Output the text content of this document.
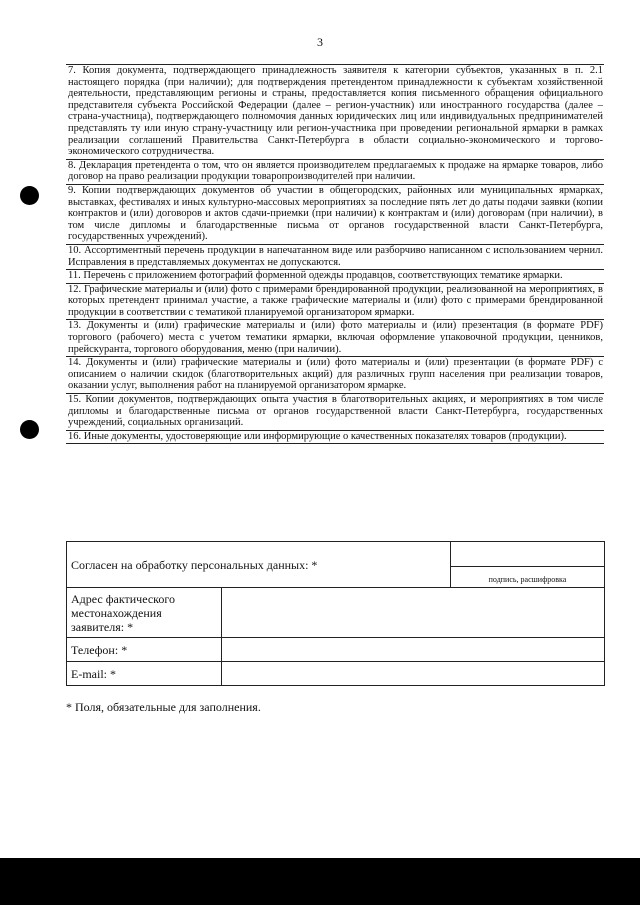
3
7. Копия документа, подтверждающего принадлежность заявителя к категории субъектов, указанных в п. 2.1 настоящего порядка (при наличии); для подтверждения претендентом принадлежности к субъектам хозяйственной деятельности, представляющим регионы и страны, предоставляется копия письменного обращения официального представителя субъекта Российской Федерации (далее – регион-участник) или иностранного государства (далее – страна-участница), подтверждающего полномочия данных юридических лиц или индивидуальных предпринимателей представлять ту или иную страну-участницу или регион-участника при проведении региональной ярмарки в рамках реализации соглашений Правительства Санкт-Петербурга в области социально-экономического и торгово-экономического сотрудничества.
8. Декларация претендента о том, что он является производителем предлагаемых к продаже на ярмарке товаров, либо договор на право реализации продукции товаропроизводителей при наличии.
9. Копии подтверждающих документов об участии в общегородских, районных или муниципальных ярмарках, выставках, фестивалях и иных культурно-массовых мероприятиях за последние пять лет до даты подачи заявки (копии контрактов и (или) договоров и актов сдачи-приемки (при наличии) к контрактам и (или) договорам (при наличии), в том числе дипломы и благодарственные письма от органов государственной власти Санкт-Петербурга, государственных учреждений).
10. Ассортиментный перечень продукции в напечатанном виде или разборчиво написанном с использованием чернил. Исправления в представляемых документах не допускаются.
11. Перечень с приложением фотографий форменной одежды продавцов, соответствующих тематике ярмарки.
12. Графические материалы и (или) фото с примерами брендированной продукции, реализованной на мероприятиях, в которых претендент принимал участие, а также графические материалы и (или) фото с примерами брендированной продукции в соответствии с тематикой планируемой организатором ярмарки.
13. Документы и (или) графические материалы и (или) фото материалы и (или) презентация (в формате PDF) торгового (рабочего) места с учетом тематики ярмарки, включая оформление упаковочной продукции, ценников, прейскуранта, торгового оборудования, меню (при наличии).
14. Документы и (или) графические материалы и (или) фото материалы и (или) презентации (в формате PDF) с описанием о наличии скидок (благотворительных акций) для различных групп населения при реализации товаров, оказании услуг, выполнения работ на планируемой организатором ярмарке.
15. Копии документов, подтверждающих опыта участия в благотворительных акциях, и мероприятиях в том числе дипломы и благодарственные письма от органов государственной власти Санкт-Петербурга, государственных учреждений, социальных организаций.
16. Иные документы, удостоверяющие или информирующие о качественных показателях товаров (продукции).
Согласен на обработку персональных данных: *		подпись, расшифровка

Адрес фактического местонахождения заявителя: *		
Телефон: *		
E-mail: *		
* Поля, обязательные для заполнения.
